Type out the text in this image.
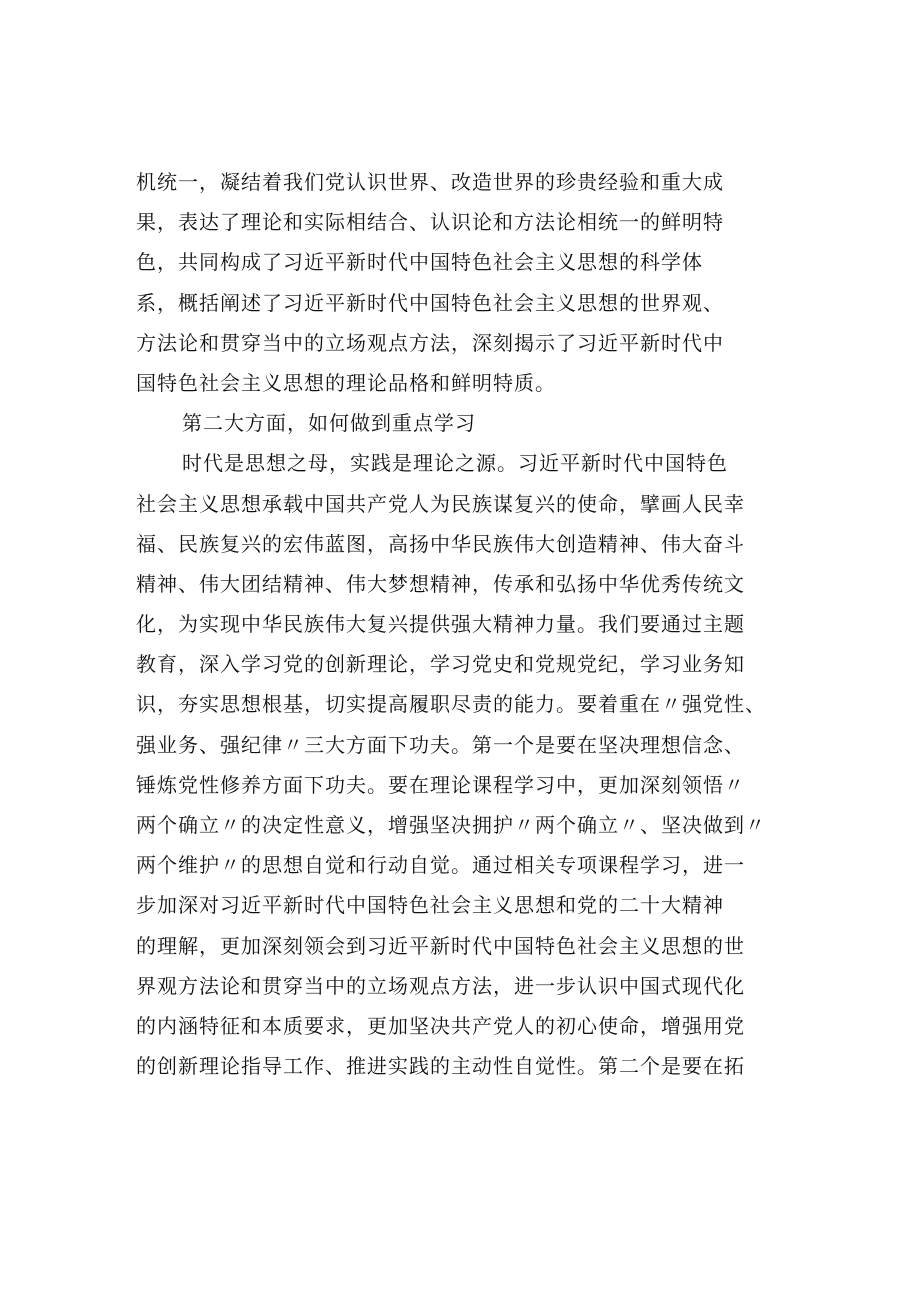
机统一，凝结着我们党认识世界、改造世界的珍贵经验和重大成
果，表达了理论和实际相结合、认识论和方法论相统一的鲜明特
色，共同构成了习近平新时代中国特色社会主义思想的科学体
系，概括阐述了习近平新时代中国特色社会主义思想的世界观、
方法论和贯穿当中的立场观点方法，深刻揭示了习近平新时代中
国特色社会主义思想的理论品格和鲜明特质。
第二大方面，如何做到重点学习
时代是思想之母，实践是理论之源。习近平新时代中国特色
社会主义思想承载中国共产党人为民族谋复兴的使命，擘画人民幸
福、民族复兴的宏伟蓝图，高扬中华民族伟大创造精神、伟大奋斗
精神、伟大团结精神、伟大梦想精神，传承和弘扬中华优秀传统文
化，为实现中华民族伟大复兴提供强大精神力量。我们要通过主题
教育，深入学习党的创新理论，学习党史和党规党纪，学习业务知
识，夯实思想根基，切实提高履职尽责的能力。要着重在〃强党性、
强业务、强纪律〃三大方面下功夫。第一个是要在坚决理想信念、
锤炼党性修养方面下功夫。要在理论课程学习中，更加深刻领悟〃
两个确立〃的决定性意义，增强坚决拥护〃两个确立〃、坚决做到〃
两个维护〃的思想自觉和行动自觉。通过相关专项课程学习，进一
步加深对习近平新时代中国特色社会主义思想和党的二十大精神
的理解，更加深刻领会到习近平新时代中国特色社会主义思想的世
界观方法论和贯穿当中的立场观点方法，进一步认识中国式现代化
的内涵特征和本质要求，更加坚决共产党人的初心使命，增强用党
的创新理论指导工作、推进实践的主动性自觉性。第二个是要在拓
